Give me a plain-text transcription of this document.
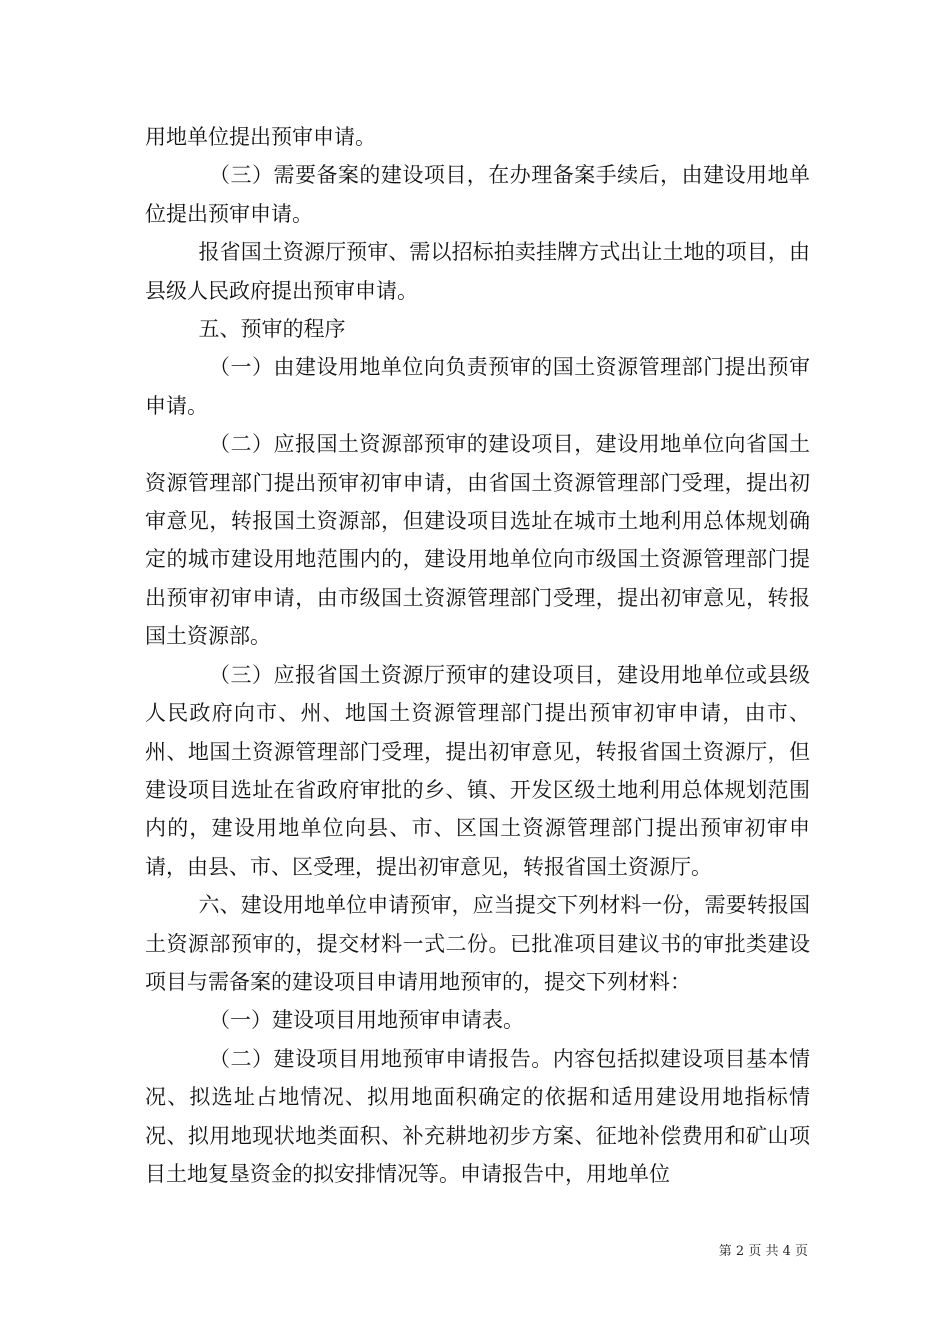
用地单位提出预审申请。

（三）需要备案的建设项目，在办理备案手续后，由建设用地单位提出预审申请。

报省国土资源厅预审、需以招标拍卖挂牌方式出让土地的项目，由县级人民政府提出预审申请。

五、预审的程序

（一）由建设用地单位向负责预审的国土资源管理部门提出预审申请。

（二）应报国土资源部预审的建设项目，建设用地单位向省国土资源管理部门提出预审初审申请，由省国土资源管理部门受理，提出初审意见，转报国土资源部，但建设项目选址在城市土地利用总体规划确定的城市建设用地范围内的，建设用地单位向市级国土资源管理部门提出预审初审申请，由市级国土资源管理部门受理，提出初审意见，转报国土资源部。

（三）应报省国土资源厅预审的建设项目，建设用地单位或县级人民政府向市、州、地国土资源管理部门提出预审初审申请，由市、州、地国土资源管理部门受理，提出初审意见，转报省国土资源厅，但建设项目选址在省政府审批的乡、镇、开发区级土地利用总体规划范围内的，建设用地单位向县、市、区国土资源管理部门提出预审初审申请，由县、市、区受理，提出初审意见，转报省国土资源厅。

六、建设用地单位申请预审，应当提交下列材料一份，需要转报国土资源部预审的，提交材料一式二份。已批准项目建议书的审批类建设项目与需备案的建设项目申请用地预审的，提交下列材料：

（一）建设项目用地预审申请表。

（二）建设项目用地预审申请报告。内容包括拟建设项目基本情况、拟选址占地情况、拟用地面积确定的依据和适用建设用地指标情况、拟用地现状地类面积、补充耕地初步方案、征地补偿费用和矿山项目土地复垦资金的拟安排情况等。申请报告中，用地单位

第 2 页 共 4 页
